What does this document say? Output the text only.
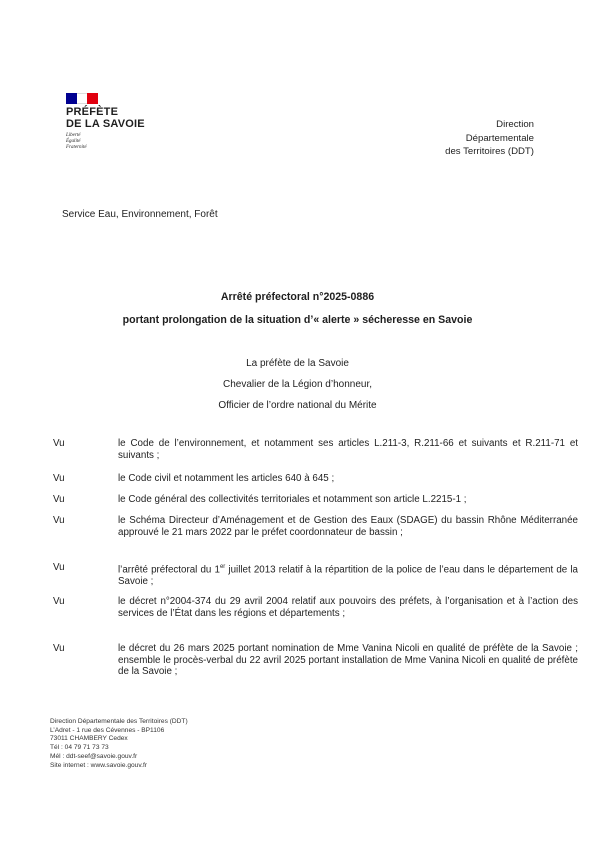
PRÉFÈTE
DE LA SAVOIE
Liberté
Égalité
Fraternité
Direction
Départementale
des Territoires (DDT)
Service Eau, Environnement, Forêt
Arrêté préfectoral n°2025-0886
portant prolongation de la situation d’« alerte » sécheresse en Savoie
La préfète de la Savoie
Chevalier de la Légion d’honneur,
Officier de l’ordre national du Mérite
Vu	le Code de l’environnement, et notamment ses articles L.211-3, R.211-66 et suivants et R.211-71 et suivants ;
Vu	le Code civil et notamment les articles 640 à 645 ;
Vu	le Code général des collectivités territoriales et notamment son article L.2215-1 ;
Vu	le Schéma Directeur d’Aménagement et de Gestion des Eaux (SDAGE) du bassin Rhône Méditerranée approuvé le 21 mars 2022 par le préfet coordonnateur de bassin ;
Vu	l’arrêté préfectoral du 1er juillet 2013 relatif à la répartition de la police de l’eau dans le département de la Savoie ;
Vu	le décret n°2004-374 du 29 avril 2004 relatif aux pouvoirs des préfets, à l’organisation et à l’action des services de l’État dans les régions et départements ;
Vu	le décret du 26 mars 2025 portant nomination de Mme Vanina Nicoli en qualité de préfète de la Savoie ; ensemble le procès-verbal du 22 avril 2025 portant installation de Mme Vanina Nicoli en qualité de préfète de la Savoie ;
Direction Départementale des Territoires (DDT)
L’Adret - 1 rue des Cévennes - BP1106
73011 CHAMBERY Cedex
Tél : 04 79 71 73 73
Mél : ddt-seef@savoie.gouv.fr
Site internet : www.savoie.gouv.fr
